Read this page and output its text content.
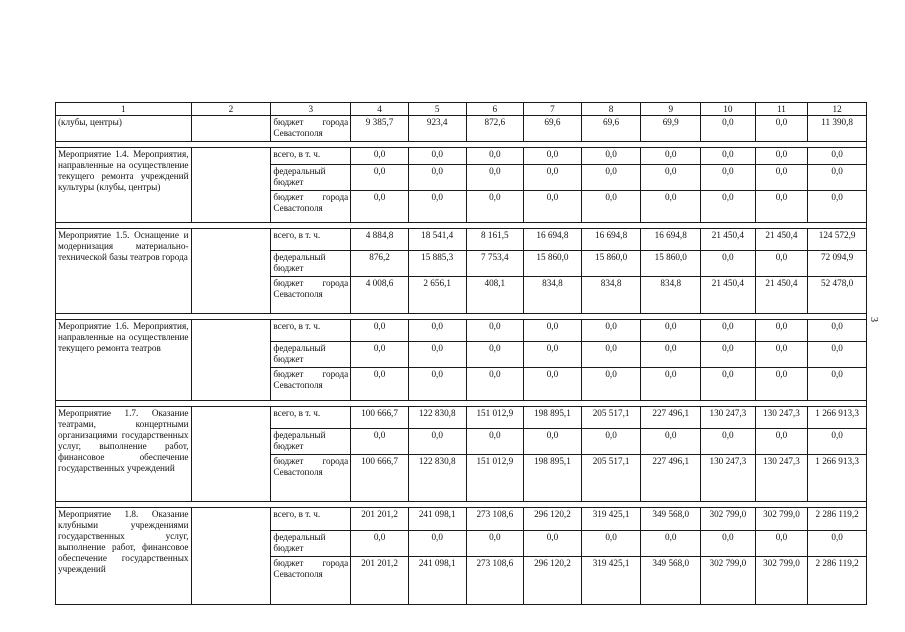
1	2	3	4	5	6	7	8	9	10	11	12
(клубы, центры)		бюджет города Севастополя	9 385,7	923,4	872,6	69,6	69,6	69,9	0,0	0,0	11 390,8

Мероприятие 1.4. Мероприятия, направленные на осуществление текущего ремонта учреждений культуры (клубы, центры)		всего, в т. ч.	0,0	0,0	0,0	0,0	0,0	0,0	0,0	0,0	0,0
		федеральный бюджет	0,0	0,0	0,0	0,0	0,0	0,0	0,0	0,0	0,0
		бюджет города Севастополя	0,0	0,0	0,0	0,0	0,0	0,0	0,0	0,0	0,0

Мероприятие 1.5. Оснащение и модернизация материально-технической базы театров города		всего, в т. ч.	4 884,8	18 541,4	8 161,5	16 694,8	16 694,8	16 694,8	21 450,4	21 450,4	124 572,9
		федеральный бюджет	876,2	15 885,3	7 753,4	15 860,0	15 860,0	15 860,0	0,0	0,0	72 094,9
		бюджет города Севастополя	4 008,6	2 656,1	408,1	834,8	834,8	834,8	21 450,4	21 450,4	52 478,0

Мероприятие 1.6. Мероприятия, направленные на осуществление текущего ремонта театров		всего, в т. ч.	0,0	0,0	0,0	0,0	0,0	0,0	0,0	0,0	0,0
		федеральный бюджет	0,0	0,0	0,0	0,0	0,0	0,0	0,0	0,0	0,0
		бюджет города Севастополя	0,0	0,0	0,0	0,0	0,0	0,0	0,0	0,0	0,0

Мероприятие 1.7. Оказание театрами, концертными организациями государственных услуг, выполнение работ, финансовое обеспечение государственных учреждений		всего, в т. ч.	100 666,7	122 830,8	151 012,9	198 895,1	205 517,1	227 496,1	130 247,3	130 247,3	1 266 913,3
		федеральный бюджет	0,0	0,0	0,0	0,0	0,0	0,0	0,0	0,0	0,0
		бюджет города Севастополя	100 666,7	122 830,8	151 012,9	198 895,1	205 517,1	227 496,1	130 247,3	130 247,3	1 266 913,3

Мероприятие 1.8. Оказание клубными учреждениями государственных услуг, выполнение работ, финансовое обеспечение государственных учреждений		всего, в т. ч.	201 201,2	241 098,1	273 108,6	296 120,2	319 425,1	349 568,0	302 799,0	302 799,0	2 286 119,2
		федеральный бюджет	0,0	0,0	0,0	0,0	0,0	0,0	0,0	0,0	0,0
		бюджет города Севастополя	201 201,2	241 098,1	273 108,6	296 120,2	319 425,1	349 568,0	302 799,0	302 799,0	2 286 119,2
3
